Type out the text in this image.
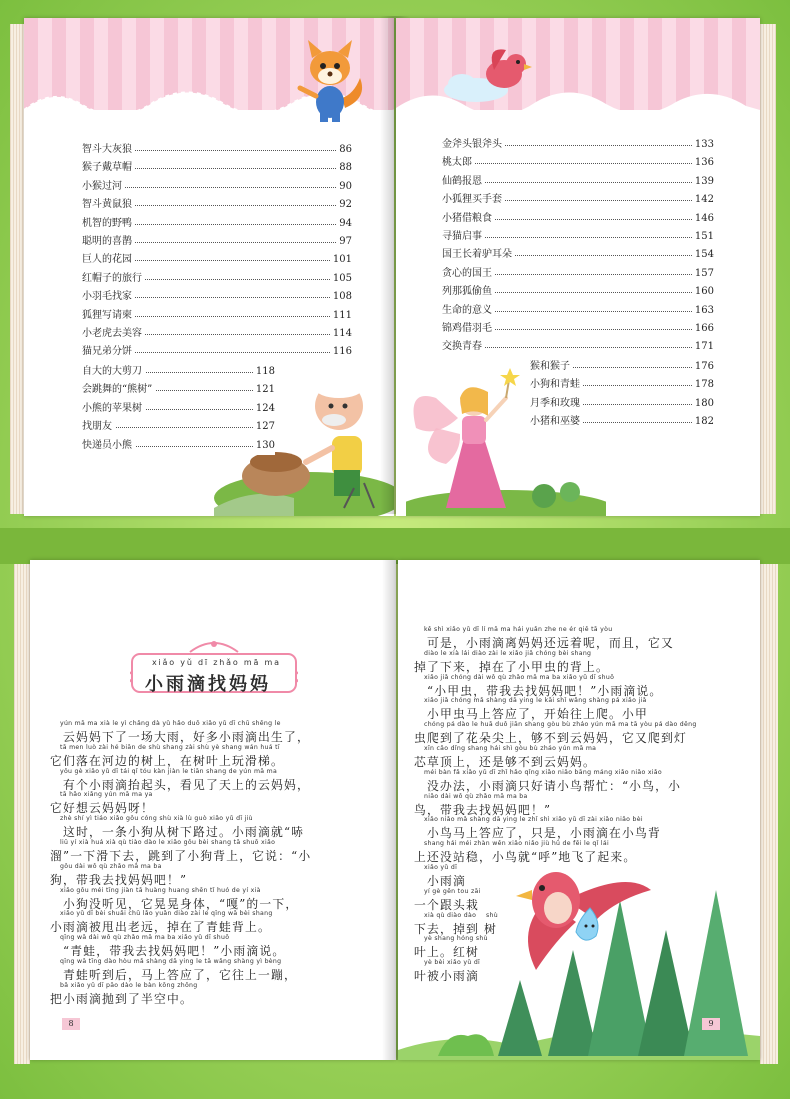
智斗大灰狼	86
猴子戴草帽	88
小猴过河	90
智斗黄鼠狼	92
机智的野鸭	94
聪明的喜鹊	97
巨人的花园	101
红帽子的旅行	105
小羽毛找家	108
狐狸写请柬	111
小老虎去美容	114
猫兄弟分饼	116
自大的大剪刀	118
会跳舞的“熊树”	121
小熊的苹果树	124
找朋友	127
快递员小熊	130
金斧头银斧头	133
桃太郎	136
仙鹤报恩	139
小狐狸买手套	142
小猪借粮食	146
寻猫启事	151
国王长着驴耳朵	154
贪心的国王	157
列那狐偷鱼	160
生命的意义	163
锦鸡借羽毛	166
交换青春	171
猴和猴子	176
小狗和青蛙	178
月季和玫瑰	180
小猪和巫婆	182
xiǎo yǔ dī zhǎo mā ma
小雨滴找妈妈
yún mā ma xià le yì chǎng dà yǔ hǎo duō xiǎo yǔ dī chū shēng le
　云妈妈下了一场大雨，好多小雨滴出生了，
tā men luò zài hé biān de shù shang zài shù yè shang wán huá tī
它们落在河边的树上，在树叶上玩滑梯。
yǒu gè xiǎo yǔ dī tái qǐ tóu kàn jiàn le tiān shang de yún mā ma
　有个小雨滴抬起头，看见了天上的云妈妈，
tā hǎo xiǎng yún mā ma ya
它好想云妈妈呀！
zhè shí yì tiáo xiǎo gǒu cóng shù xià lù guò xiǎo yǔ dī jiù
　这时，一条小狗从树下路过。小雨滴就“哧
liū yí xià huá xià qù tiào dào le xiǎo gǒu bèi shang tā shuō xiǎo
溜”一下滑下去，跳到了小狗背上，它说：“小
gǒu dài wǒ qù zhǎo mā ma ba
狗，带我去找妈妈吧！”
xiǎo gǒu méi tīng jiàn tā huàng huang shēn tǐ huó de yí xià
　小狗没听见，它晃晃身体，“嘎”的一下，
xiǎo yǔ dī bèi shuǎi chū lǎo yuǎn diào zài le qīng wā bèi shang
小雨滴被甩出老远，掉在了青蛙背上。
qīng wā dài wǒ qù zhǎo mā ma ba xiǎo yǔ dī shuō
　“青蛙，带我去找妈妈吧！”小雨滴说。
qīng wā tīng dào hòu mǎ shàng dā ying le tā wǎng shàng yì bèng
　青蛙听到后，马上答应了，它往上一蹦，
bǎ xiǎo yǔ dī pāo dào le bàn kōng zhōng
把小雨滴抛到了半空中。
8
kě shì xiǎo yǔ dī lí mā ma hái yuǎn zhe ne ér qiě tā yòu
　可是，小雨滴离妈妈还远着呢，而且，它又
diào le xià lái diào zài le xiǎo jiǎ chóng bèi shang
掉了下来，掉在了小甲虫的背上。
xiǎo jiǎ chóng dài wǒ qù zhǎo mā ma ba xiǎo yǔ dī shuō
　“小甲虫，带我去找妈妈吧！”小雨滴说。
xiǎo jiǎ chóng mǎ shàng dā ying le kāi shǐ wǎng shàng pá xiǎo jiǎ
　小甲虫马上答应了，开始往上爬。小甲
chóng pá dào le huā duǒ jiān shang gòu bù zháo yún mā ma tā yòu pá dào dēng
虫爬到了花朵尖上，够不到云妈妈，它又爬到灯
xīn cǎo dǐng shang hái shì gòu bù zháo yún mā ma
芯草顶上，还是够不到云妈妈。
méi bàn fǎ xiǎo yǔ dī zhǐ hǎo qǐng xiǎo niǎo bāng máng xiǎo niǎo xiǎo
　没办法，小雨滴只好请小鸟帮忙：“小鸟，小
niǎo dài wǒ qù zhǎo mā ma ba
鸟，带我去找妈妈吧！”
xiǎo niǎo mǎ shàng dā ying le zhǐ shì xiǎo yǔ dī zài xiǎo niǎo bèi
　小鸟马上答应了，只是，小雨滴在小鸟背
shang hái méi zhàn wěn xiǎo niǎo jiù hū de fēi le qǐ lái
上还没站稳，小鸟就“呼”地飞了起来。
xiǎo yǔ dī
　小雨滴
yí gè gēn tou zāi
一个跟头栽
xià qù diào dào
下去，掉到
yè shang hóng shù
叶上。红树
yè bèi xiǎo yǔ dī
叶被小雨滴
shù
树
9
